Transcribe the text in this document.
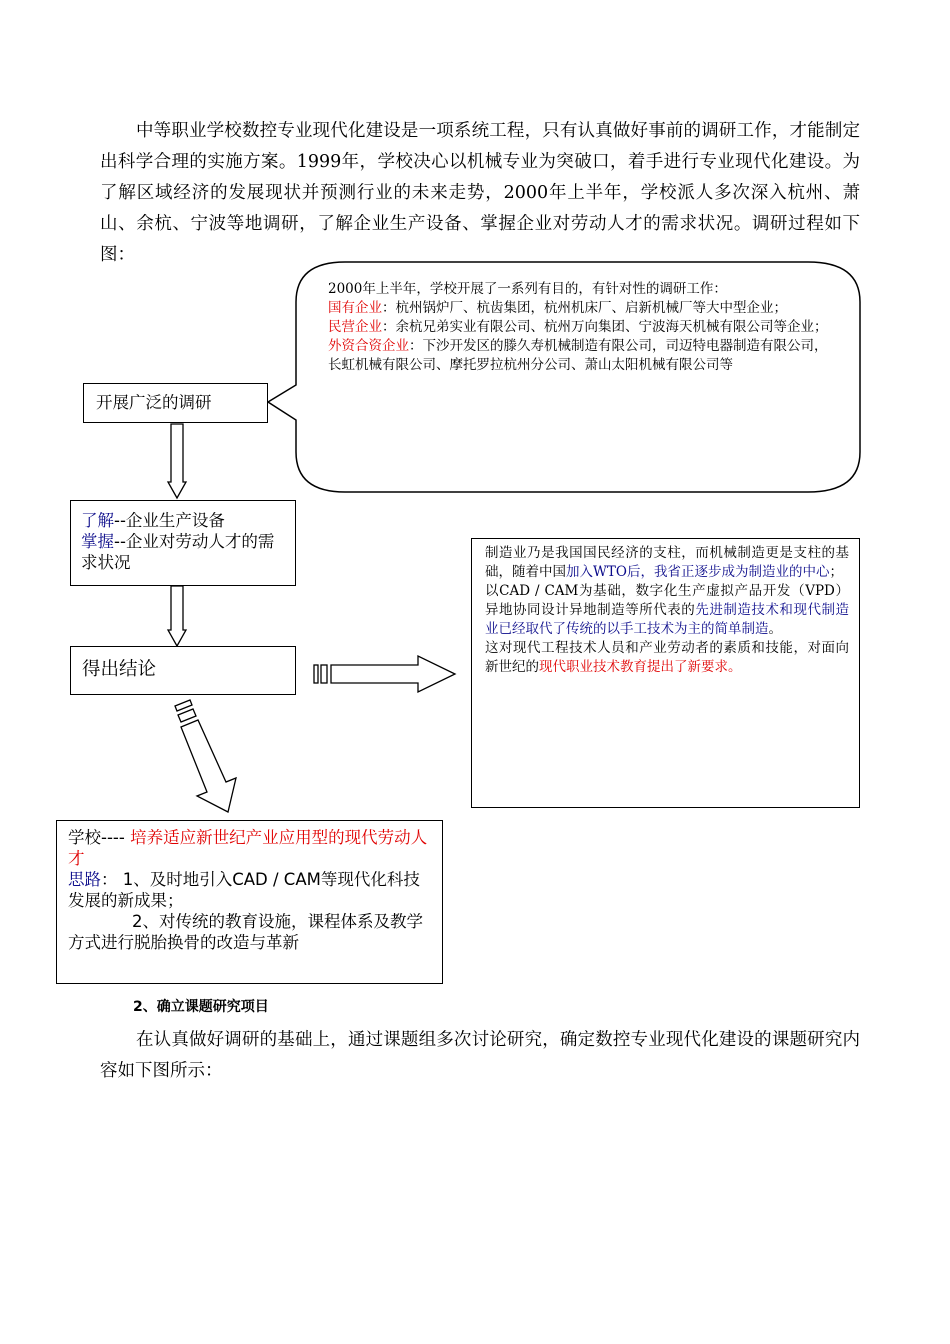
中等职业学校数控专业现代化建设是一项系统工程，只有认真做好事前的调研工作，才能制定出科学合理的实施方案。1999年，学校决心以机械专业为突破口，着手进行专业现代化建设。为了解区域经济的发展现状并预测行业的未来走势，2000年上半年，学校派人多次深入杭州、萧山、余杭、宁波等地调研，了解企业生产设备、掌握企业对劳动人才的需求状况。调研过程如下图：

2000年上半年，学校开展了一系列有目的，有针对性的调研工作：
国有企业：杭州锅炉厂、杭齿集团，杭州机床厂、启新机械厂等大中型企业；
民营企业：余杭兄弟实业有限公司、杭州万向集团、宁波海天机械有限公司等企业；
外资合资企业：下沙开发区的滕久寿机械制造有限公司，司迈特电器制造有限公司，长虹机械有限公司、摩托罗拉杭州分公司、萧山太阳机械有限公司等
开展广泛的调研
了解--企业生产设备
掌握--企业对劳动人才的需求状况
得出结论
制造业乃是我国国民经济的支柱，而机械制造更是支柱的基础，随着中国加入WTO后，我省正逐步成为制造业的中心；
以CAD / CAM为基础，数字化生产虚拟产品开发（VPD）异地协同设计异地制造等所代表的先进制造技术和现代制造业已经取代了传统的以手工技术为主的简单制造。
这对现代工程技术人员和产业劳动者的素质和技能，对面向新世纪的现代职业技术教育提出了新要求。
学校---- 培养适应新世纪产业应用型的现代劳动人才
思路： 1、及时地引入CAD / CAM等现代化科技发展的新成果；
2、对传统的教育设施，课程体系及教学方式进行脱胎换骨的改造与革新
2、确立课题研究项目

在认真做好调研的基础上，通过课题组多次讨论研究，确定数控专业现代化建设的课题研究内容如下图所示：
